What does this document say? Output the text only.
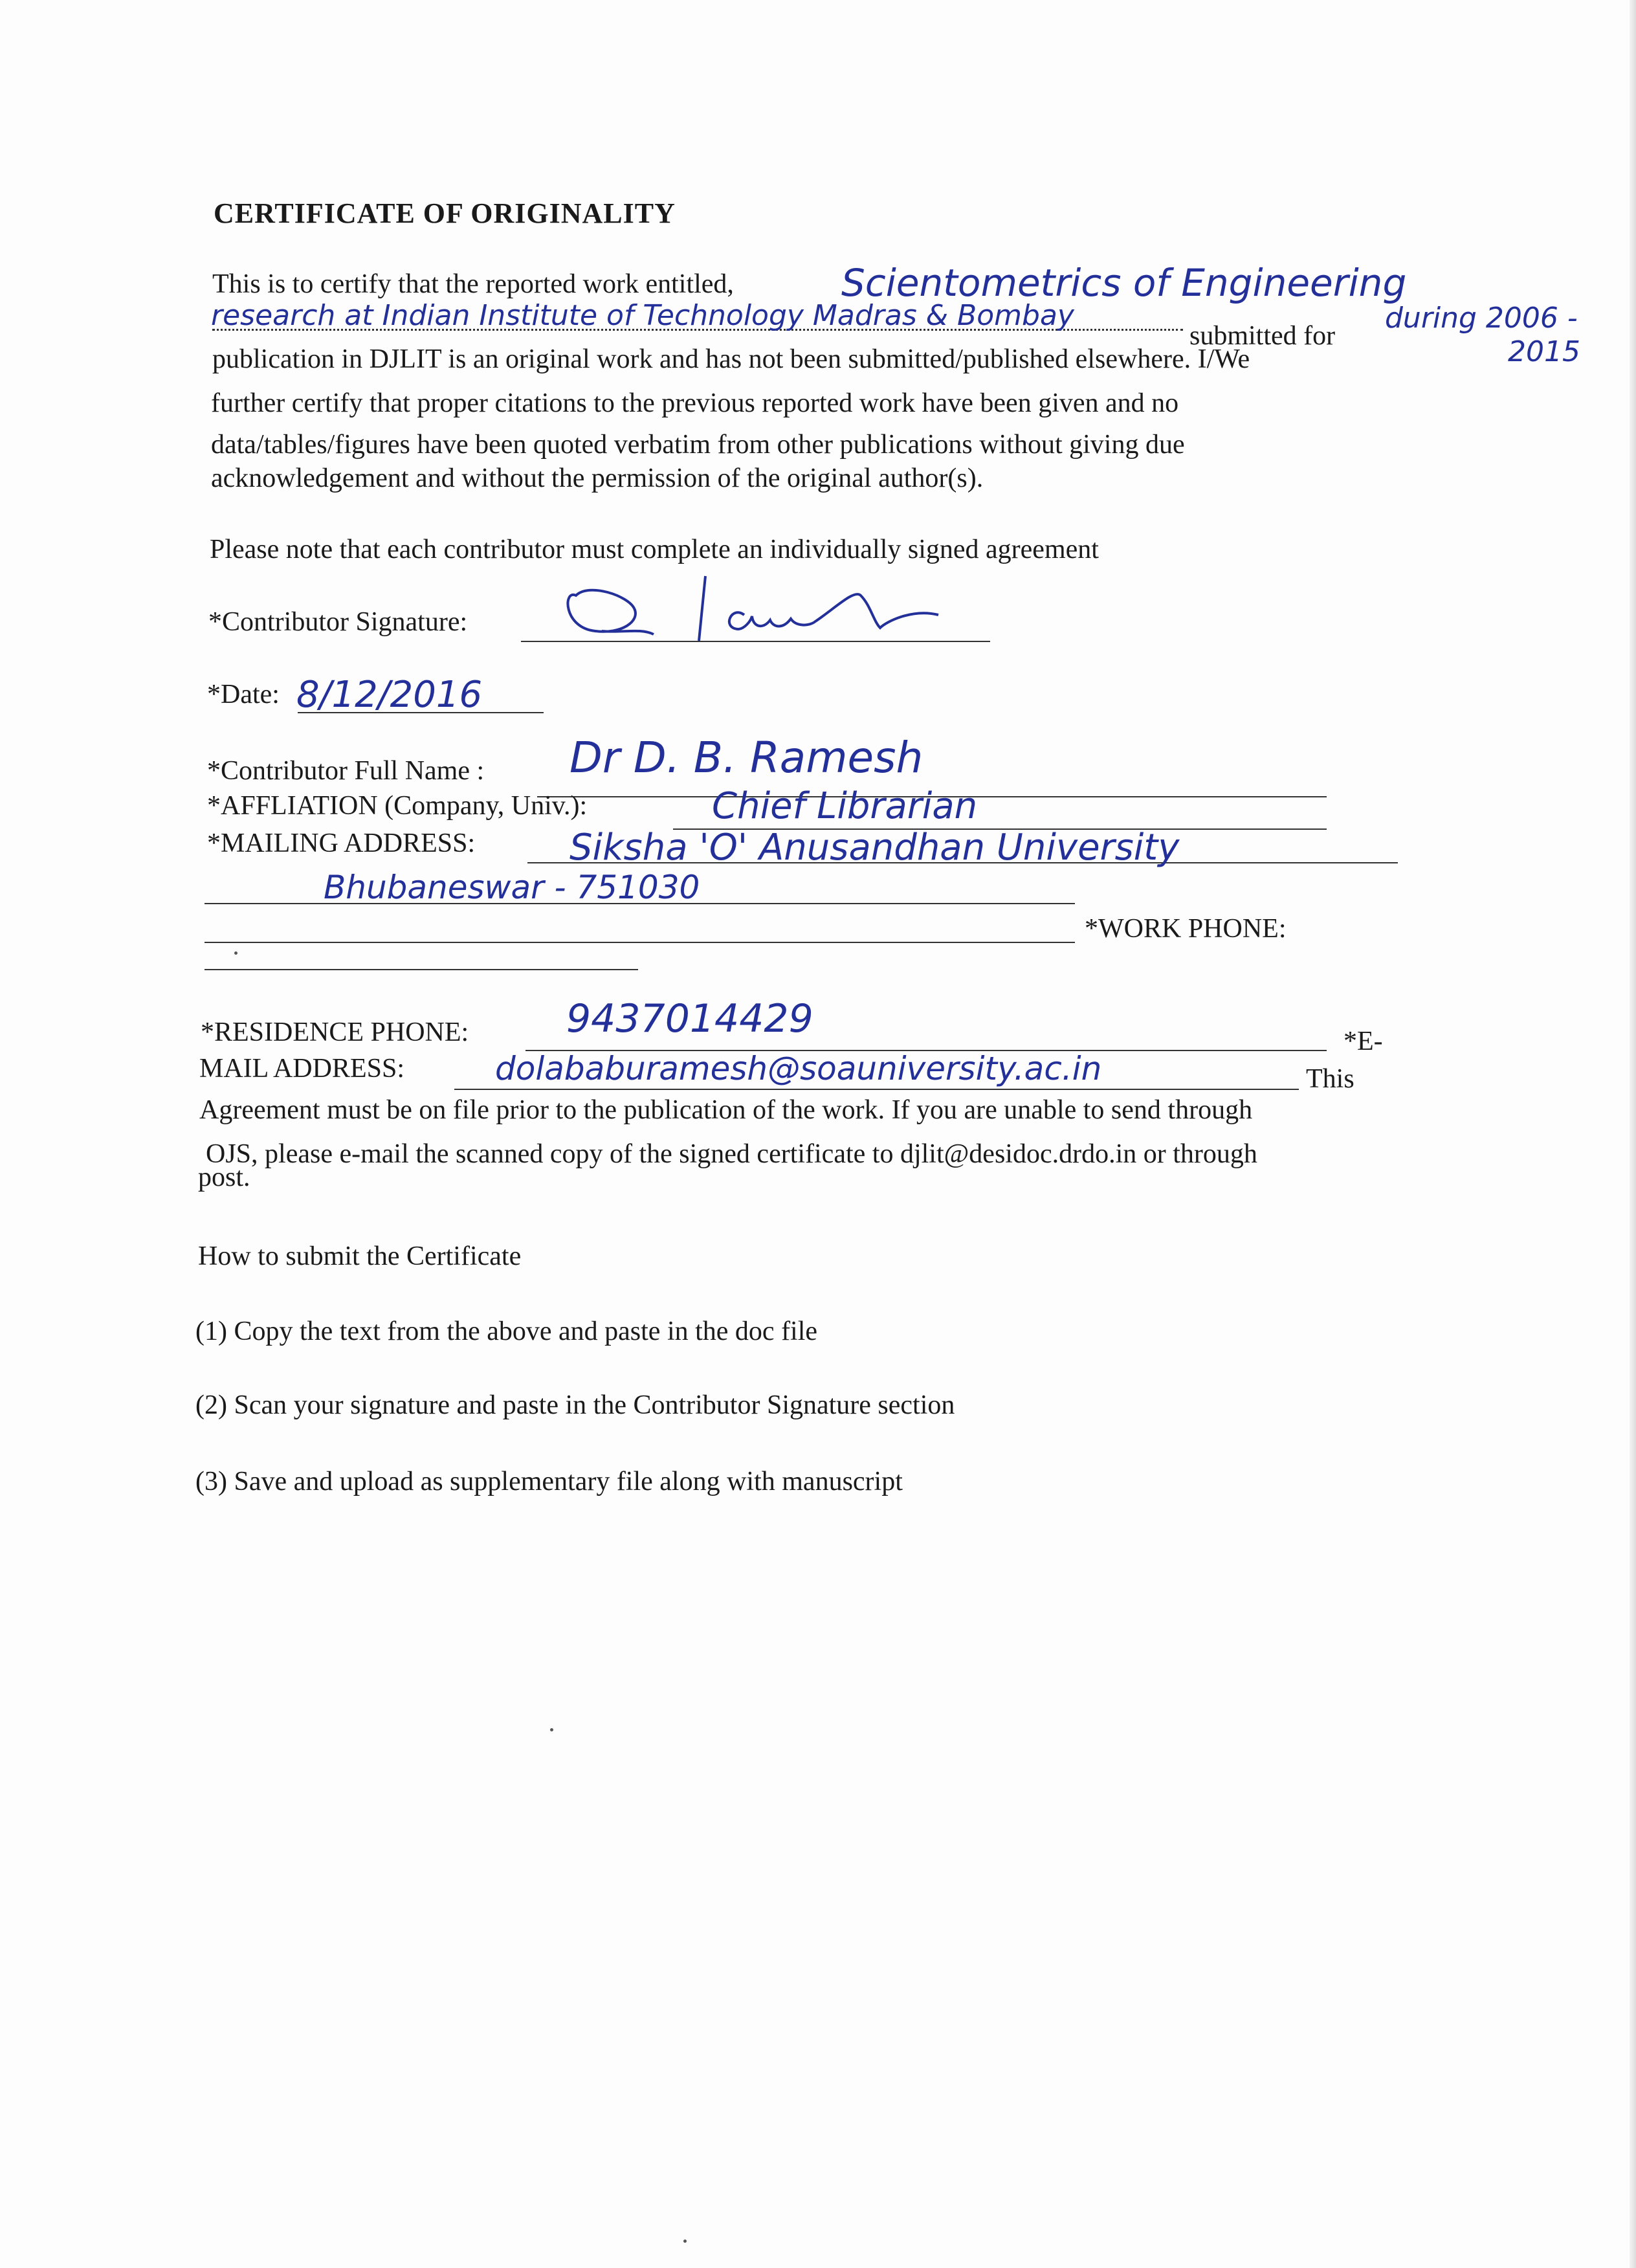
CERTIFICATE OF ORIGINALITY
This is to certify that the reported work entitled,	Scientometrics of Engineering
research at Indian Institute of Technology Madras & Bombay
submitted for
during 2006 -
2015
publication in DJLIT is an original work and has not been submitted/published elsewhere. I/We
further certify that proper citations to the previous reported work have been given and no
data/tables/figures have been quoted verbatim from other publications without giving due
acknowledgement and without the permission of the original author(s).
Please note that each contributor must complete an individually signed agreement
*Contributor Signature:
*Date: 8/12/2016
*Contributor Full Name : Dr D. B. Ramesh
*AFFLIATION (Company, Univ.):	Chief Librarian
*MAILING ADDRESS:	Siksha 'O' Anusandhan University
Bhubaneswar - 751030
*WORK PHONE:
*RESIDENCE PHONE:	9437014429	*E-
MAIL ADDRESS:	dolababuramesh@soauniversity.ac.in	This
Agreement must be on file prior to the publication of the work. If you are unable to send through
OJS, please e-mail the scanned copy of the signed certificate to djlit@desidoc.drdo.in or through
post.
How to submit the Certificate
(1) Copy the text from the above and paste in the doc file
(2) Scan your signature and paste in the Contributor Signature section
(3) Save and upload as supplementary file along with manuscript
